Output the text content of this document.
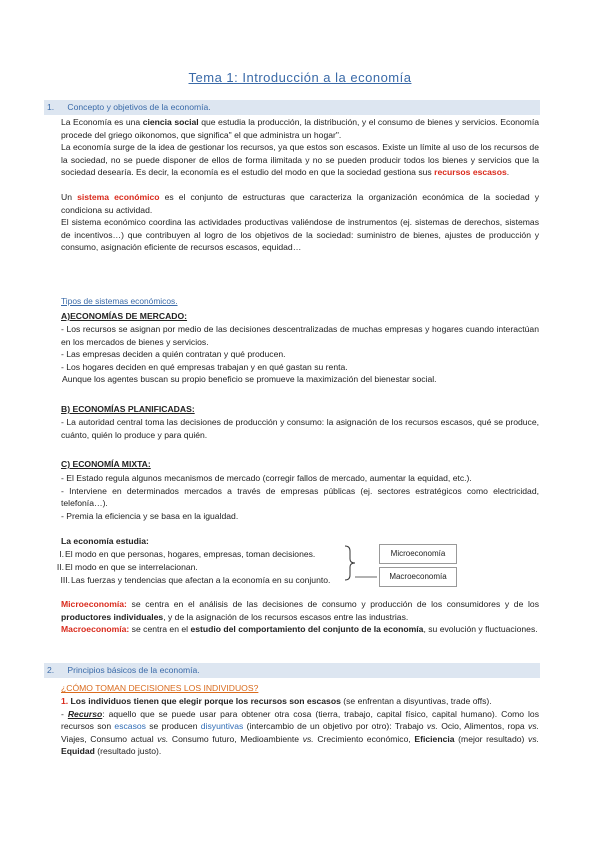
Tema 1: Introducción a la economía
1. Concepto y objetivos de la economía.

La Economía es una ciencia social que estudia la producción, la distribución, y el consumo de bienes y servicios. Economía procede del griego oikonomos, que significa" el que administra un hogar".

La economía surge de la idea de gestionar los recursos, ya que estos son escasos. Existe un límite al uso de los recursos de la sociedad, no se puede disponer de ellos de forma ilimitada y no se pueden producir todos los bienes y servicios que la sociedad desearía. Es decir, la economía es el estudio del modo en que la sociedad gestiona sus recursos escasos.

Un sistema económico es el conjunto de estructuras que caracteriza la organización económica de la sociedad y condiciona su actividad.

El sistema económico coordina las actividades productivas valiéndose de instrumentos (ej. sistemas de derechos, sistemas de incentivos…) que contribuyen al logro de los objetivos de la sociedad: suministro de bienes, ajustes de producción y consumo, asignación eficiente de recursos escasos, equidad…

Tipos de sistemas económicos.
A)ECONOMÍAS DE MERCADO:

- Los recursos se asignan por medio de las decisiones descentralizadas de muchas empresas y hogares cuando interactúan en los mercados de bienes y servicios.

- Las empresas deciden a quién contratan y qué producen.

- Los hogares deciden en qué empresas trabajan y en qué gastan su renta.

Aunque los agentes buscan su propio beneficio se promueve la maximización del bienestar social.

B) ECONOMÍAS PLANIFICADAS:

- La autoridad central toma las decisiones de producción y consumo: la asignación de los recursos escasos, qué se produce, cuánto, quién lo produce y para quién.

C) ECONOMÍA MIXTA:

- El Estado regula algunos mecanismos de mercado (corregir fallos de mercado, aumentar la equidad, etc.).

- Interviene en determinados mercados a través de empresas públicas (ej. sectores estratégicos como electricidad, telefonía…).

- Premia la eficiencia y se basa en la igualdad.

La economía estudia:
I.El modo en que personas, hogares, empresas, toman decisiones.
II.El modo en que se interrelacionan.
III.Las fuerzas y tendencias que afectan a la economía en su conjunto.
Microeconomía
Macroeconomía

Microeconomía: se centra en el análisis de las decisiones de consumo y producción de los consumidores y de los productores individuales, y de la asignación de los recursos escasos entre las industrias.

Macroeconomía: se centra en el estudio del comportamiento del conjunto de la economía, su evolución y fluctuaciones.

2. Principios básicos de la economía.
¿CÓMO TOMAN DECISIONES LOS INDIVIDUOS?

1. Los individuos tienen que elegir porque los recursos son escasos (se enfrentan a disyuntivas, trade offs).

- Recurso: aquello que se puede usar para obtener otra cosa (tierra, trabajo, capital físico, capital humano). Como los recursos son escasos se producen disyuntivas (intercambio de un objetivo por otro): Trabajo vs. Ocio, Alimentos, ropa vs. Viajes, Consumo actual vs. Consumo futuro, Medioambiente vs. Crecimiento económico, Eficiencia (mejor resultado) vs. Equidad (resultado justo).
